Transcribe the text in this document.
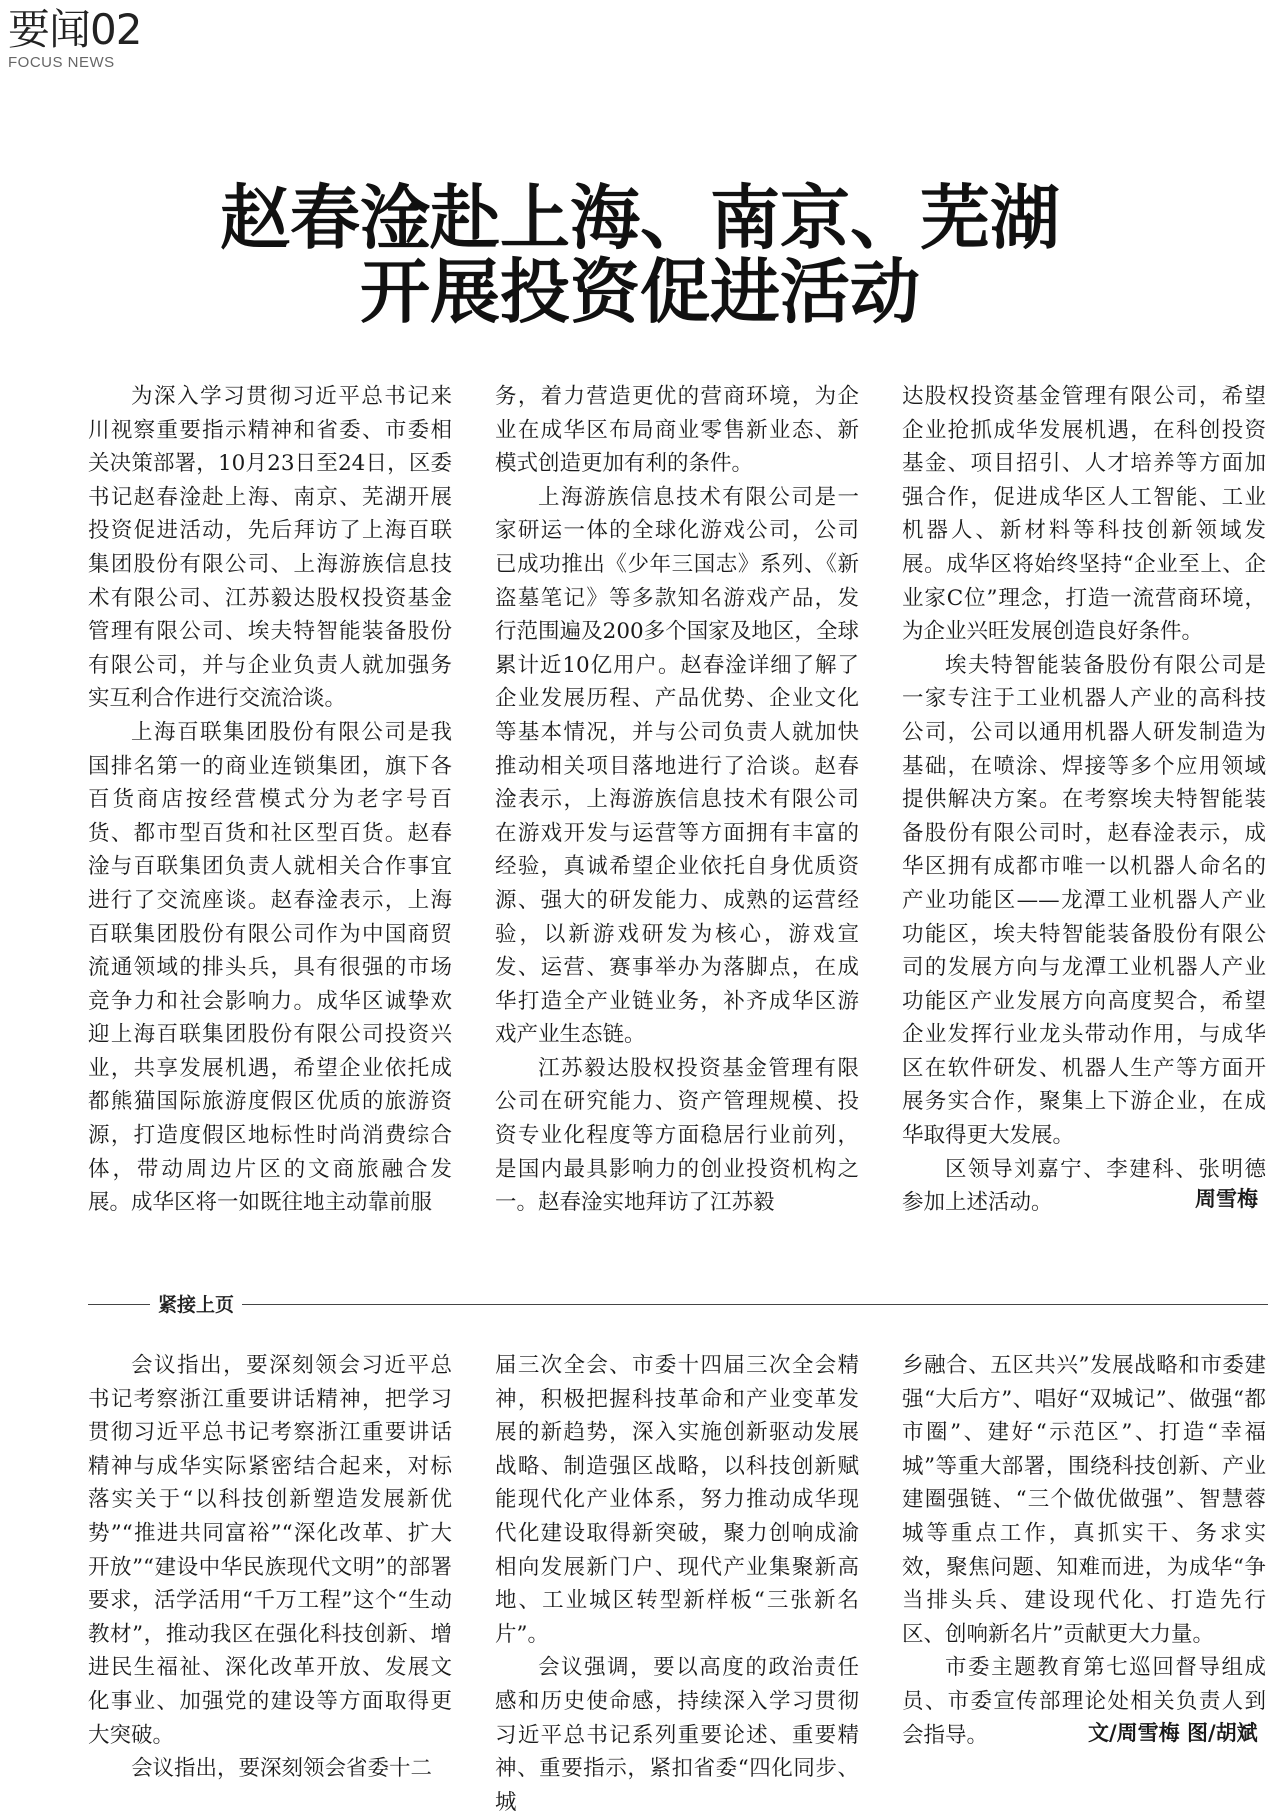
要闻02
FOCUS NEWS
赵春淦赴上海、南京、芜湖
开展投资促进活动

为深入学习贯彻习近平总书记来川视察重要指示精神和省委、市委相关决策部署，10月23日至24日，区委书记赵春淦赴上海、南京、芜湖开展投资促进活动，先后拜访了上海百联集团股份有限公司、上海游族信息技术有限公司、江苏毅达股权投资基金管理有限公司、埃夫特智能装备股份有限公司，并与企业负责人就加强务实互利合作进行交流洽谈。

上海百联集团股份有限公司是我国排名第一的商业连锁集团，旗下各百货商店按经营模式分为老字号百货、都市型百货和社区型百货。赵春淦与百联集团负责人就相关合作事宜进行了交流座谈。赵春淦表示，上海百联集团股份有限公司作为中国商贸流通领域的排头兵，具有很强的市场竞争力和社会影响力。成华区诚挚欢迎上海百联集团股份有限公司投资兴业，共享发展机遇，希望企业依托成都熊猫国际旅游度假区优质的旅游资源，打造度假区地标性时尚消费综合体，带动周边片区的文商旅融合发展。成华区将一如既往地主动靠前服

务，着力营造更优的营商环境，为企业在成华区布局商业零售新业态、新模式创造更加有利的条件。

上海游族信息技术有限公司是一家研运一体的全球化游戏公司，公司已成功推出《少年三国志》系列、《新盗墓笔记》等多款知名游戏产品，发行范围遍及200多个国家及地区，全球累计近10亿用户。赵春淦详细了解了企业发展历程、产品优势、企业文化等基本情况，并与公司负责人就加快推动相关项目落地进行了洽谈。赵春淦表示，上海游族信息技术有限公司在游戏开发与运营等方面拥有丰富的经验，真诚希望企业依托自身优质资源、强大的研发能力、成熟的运营经验，以新游戏研发为核心，游戏宣发、运营、赛事举办为落脚点，在成华打造全产业链业务，补齐成华区游戏产业生态链。

江苏毅达股权投资基金管理有限公司在研究能力、资产管理规模、投资专业化程度等方面稳居行业前列，是国内最具影响力的创业投资机构之一。赵春淦实地拜访了江苏毅

达股权投资基金管理有限公司，希望企业抢抓成华发展机遇，在科创投资基金、项目招引、人才培养等方面加强合作，促进成华区人工智能、工业机器人、新材料等科技创新领域发展。成华区将始终坚持“企业至上、企业家C位”理念，打造一流营商环境，为企业兴旺发展创造良好条件。

埃夫特智能装备股份有限公司是一家专注于工业机器人产业的高科技公司，公司以通用机器人研发制造为基础，在喷涂、焊接等多个应用领域提供解决方案。在考察埃夫特智能装备股份有限公司时，赵春淦表示，成华区拥有成都市唯一以机器人命名的产业功能区——龙潭工业机器人产业功能区，埃夫特智能装备股份有限公司的发展方向与龙潭工业机器人产业功能区产业发展方向高度契合，希望企业发挥行业龙头带动作用，与成华区在软件研发、机器人生产等方面开展务实合作，聚集上下游企业，在成华取得更大发展。

区领导刘嘉宁、李建科、张明德参加上述活动。	周雪梅
紧接上页

会议指出，要深刻领会习近平总书记考察浙江重要讲话精神，把学习贯彻习近平总书记考察浙江重要讲话精神与成华实际紧密结合起来，对标落实关于“以科技创新塑造发展新优势”“推进共同富裕”“深化改革、扩大开放”“建设中华民族现代文明”的部署要求，活学活用“千万工程”这个“生动教材”，推动我区在强化科技创新、增进民生福祉、深化改革开放、发展文化事业、加强党的建设等方面取得更大突破。

会议指出，要深刻领会省委十二

届三次全会、市委十四届三次全会精神，积极把握科技革命和产业变革发展的新趋势，深入实施创新驱动发展战略、制造强区战略，以科技创新赋能现代化产业体系，努力推动成华现代化建设取得新突破，聚力创响成渝相向发展新门户、现代产业集聚新高地、工业城区转型新样板“三张新名片”。

会议强调，要以高度的政治责任感和历史使命感，持续深入学习贯彻习近平总书记系列重要论述、重要精神、重要指示，紧扣省委“四化同步、城

乡融合、五区共兴”发展战略和市委建强“大后方”、唱好“双城记”、做强“都市圈”、建好“示范区”、打造“幸福城”等重大部署，围绕科技创新、产业建圈强链、“三个做优做强”、智慧蓉城等重点工作，真抓实干、务求实效，聚焦问题、知难而进，为成华“争当排头兵、建设现代化、打造先行区、创响新名片”贡献更大力量。

市委主题教育第七巡回督导组成员、市委宣传部理论处相关负责人到会指导。	文/周雪梅 图/胡斌
